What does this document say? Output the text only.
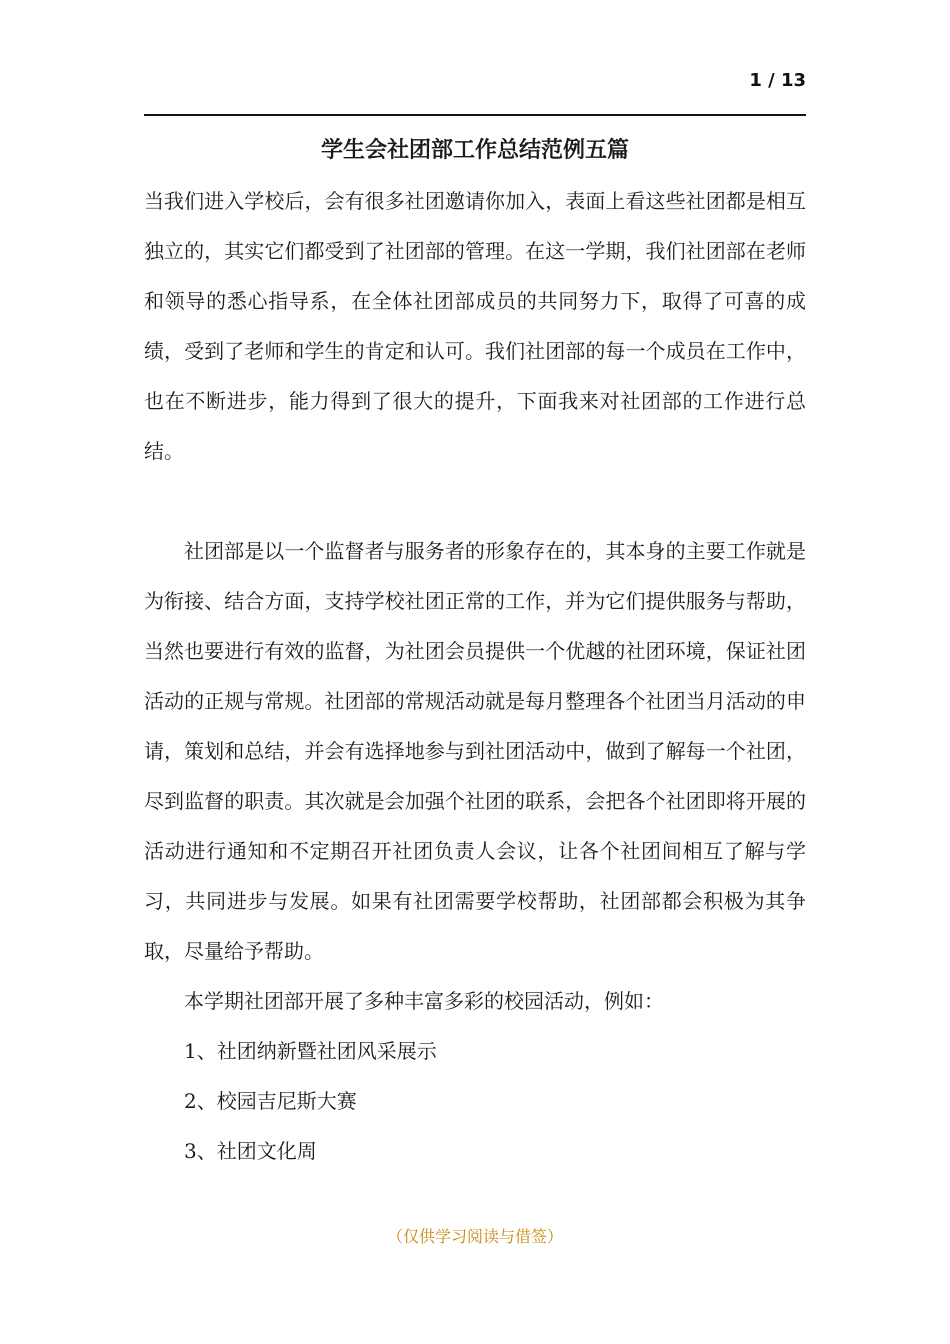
1 / 13
学生会社团部工作总结范例五篇

当我们进入学校后，会有很多社团邀请你加入，表面上看这些社团都是相互独立的，其实它们都受到了社团部的管理。在这一学期，我们社团部在老师和领导的悉心指导系，在全体社团部成员的共同努力下，取得了可喜的成绩，受到了老师和学生的肯定和认可。我们社团部的每一个成员在工作中，也在不断进步，能力得到了很大的提升，下面我来对社团部的工作进行总结。

社团部是以一个监督者与服务者的形象存在的，其本身的主要工作就是为衔接、结合方面，支持学校社团正常的工作，并为它们提供服务与帮助，当然也要进行有效的监督，为社团会员提供一个优越的社团环境，保证社团活动的正规与常规。社团部的常规活动就是每月整理各个社团当月活动的申请，策划和总结，并会有选择地参与到社团活动中，做到了解每一个社团，尽到监督的职责。其次就是会加强个社团的联系，会把各个社团即将开展的活动进行通知和不定期召开社团负责人会议，让各个社团间相互了解与学习，共同进步与发展。如果有社团需要学校帮助，社团部都会积极为其争取，尽量给予帮助。

本学期社团部开展了多种丰富多彩的校园活动，例如：

1、社团纳新暨社团风采展示

2、校园吉尼斯大赛

3、社团文化周

（仅供学习阅读与借签）
